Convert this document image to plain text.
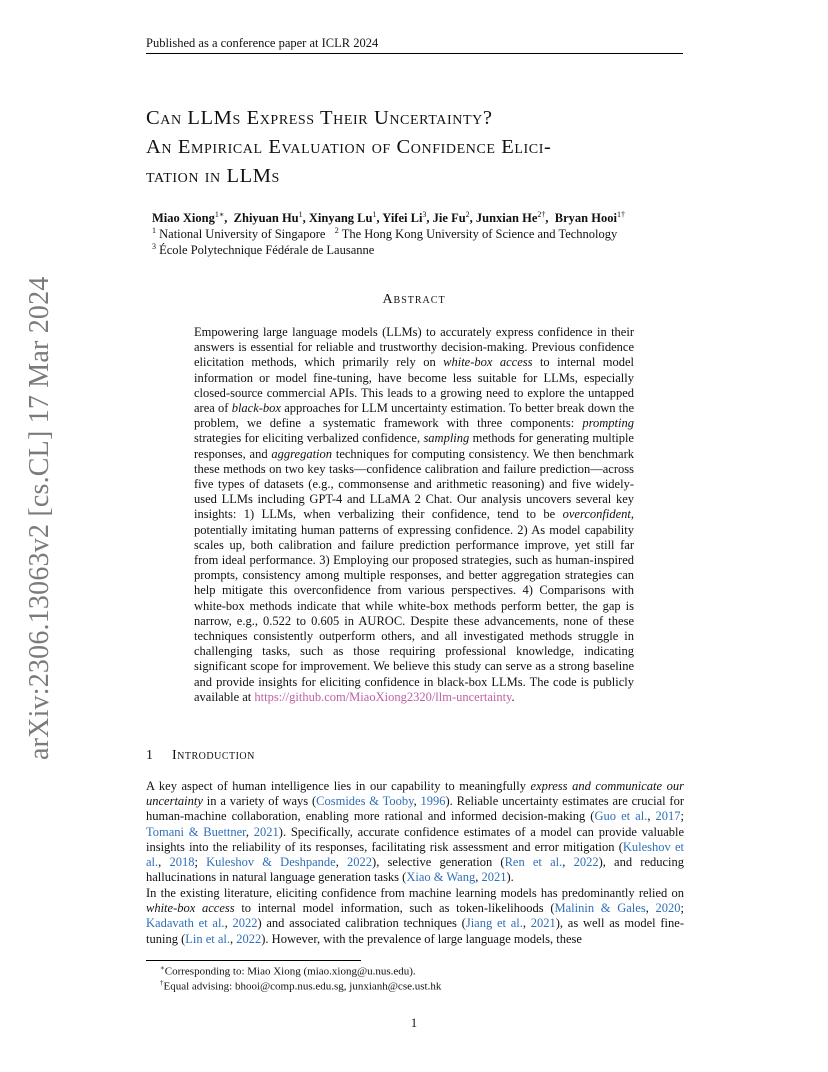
Published as a conference paper at ICLR 2024
arXiv:2306.13063v2 [cs.CL] 17 Mar 2024
Can LLMs Express Their Uncertainty?
An Empirical Evaluation of Confidence Elici-
tation in LLMs
Miao Xiong$^{1∗}$,  Zhiyuan Hu$^1$, Xinyang Lu$^1$, Yifei Li$^3$, Jie Fu$^2$, Junxian $He^{2\dagger}$,  Bryan Hooi$^{1\dagger}$
$^1$ National University of Singapore $^2$ The Hong Kong University of Science and Technology
$^3$ École Polytechnique Fédérale de Lausanne
Abstract
Empowering large language models (LLMs) to accurately express confidence in their answers is essential for reliable and trustworthy decision-making. Previous confidence elicitation methods, which primarily rely on white-box access to internal model information or model fine-tuning, have become less suitable for LLMs, especially closed-source commercial APIs. This leads to a growing need to explore the untapped area of black-box approaches for LLM uncertainty estimation. To better break down the problem, we define a systematic framework with three components: prompting strategies for eliciting verbalized confidence, sampling methods for generating multiple responses, and aggregation techniques for computing consistency. We then benchmark these methods on two key tasks—confidence calibration and failure prediction—across five types of datasets (e.g., commonsense and arithmetic reasoning) and five widely-used LLMs including GPT-4 and LLaMA 2 Chat. Our analysis uncovers several key insights: 1) LLMs, when verbalizing their confidence, tend to be overconfident, potentially imitating human patterns of expressing confidence. 2) As model capability scales up, both calibration and failure prediction performance improve, yet still far from ideal performance. 3) Employing our proposed strategies, such as human-inspired prompts, consistency among multiple responses, and better aggregation strategies can help mitigate this overconfidence from various perspectives. 4) Comparisons with white-box methods indicate that while white-box methods perform better, the gap is narrow, e.g., 0.522 to 0.605 in AUROC. Despite these advancements, none of these techniques consistently outperform others, and all investigated methods struggle in challenging tasks, such as those requiring professional knowledge, indicating significant scope for improvement. We believe this study can serve as a strong baseline and provide insights for eliciting confidence in black-box LLMs. The code is publicly available at https://github.com/MiaoXiong2320/llm-uncertainty.
1 Introduction
A key aspect of human intelligence lies in our capability to meaningfully express and communicate our uncertainty in a variety of ways (Cosmides & Tooby, 1996). Reliable uncertainty estimates are crucial for human-machine collaboration, enabling more rational and informed decision-making (Guo et al., 2017; Tomani & Buettner, 2021). Specifically, accurate confidence estimates of a model can provide valuable insights into the reliability of its responses, facilitating risk assessment and error mitigation (Kuleshov et al., 2018; Kuleshov & Deshpande, 2022), selective generation (Ren et al., 2022), and reducing hallucinations in natural language generation tasks (Xiao & Wang, 2021).
In the existing literature, eliciting confidence from machine learning models has predominantly relied on white-box access to internal model information, such as token-likelihoods (Malinin & Gales, 2020; Kadavath et al., 2022) and associated calibration techniques (Jiang et al., 2021), as well as model fine-tuning (Lin et al., 2022). However, with the prevalence of large language models, these
∗Corresponding to: Miao Xiong (miao.xiong@u.nus.edu).
†Equal advising: bhooi@comp.nus.edu.sg, junxianh@cse.ust.hk
1
